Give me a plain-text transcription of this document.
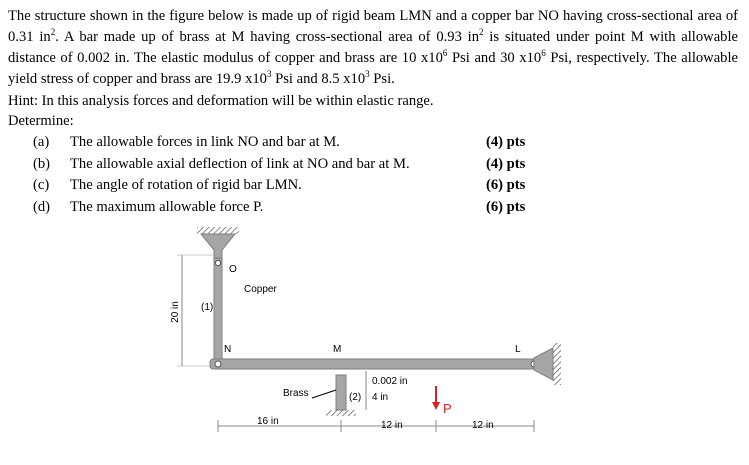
The structure shown in the figure below is made up of rigid beam LMN and a copper bar NO having cross-sectional area of 0.31 $in^2$. A bar made up of brass at M having cross-sectional area of 0.93 $in^2$ is situated under point M with allowable distance of 0.002 in. The elastic modulus of copper and brass are 10 $x10^6$ Psi and 30 $x10^6$ Psi, respectively. The allowable yield stress of copper and brass are 19.9 $x10^3$ Psi and 8.5 $x10^3$ Psi.

Hint: In this analysis forces and deformation will be within elastic range.

Determine:

(a) The allowable forces in link NO and bar at M.	(4) pts
(b) The allowable axial deflection of link at NO and bar at M.	(4) pts
(c) The angle of rotation of rigid bar LMN.	(6) pts
(d) The maximum allowable force P.	(6) pts
20 in
O
Copper
(1)
N	M	L
Brass	(2)
0.002 in
4 in
P
16 in	12 in	12 in
